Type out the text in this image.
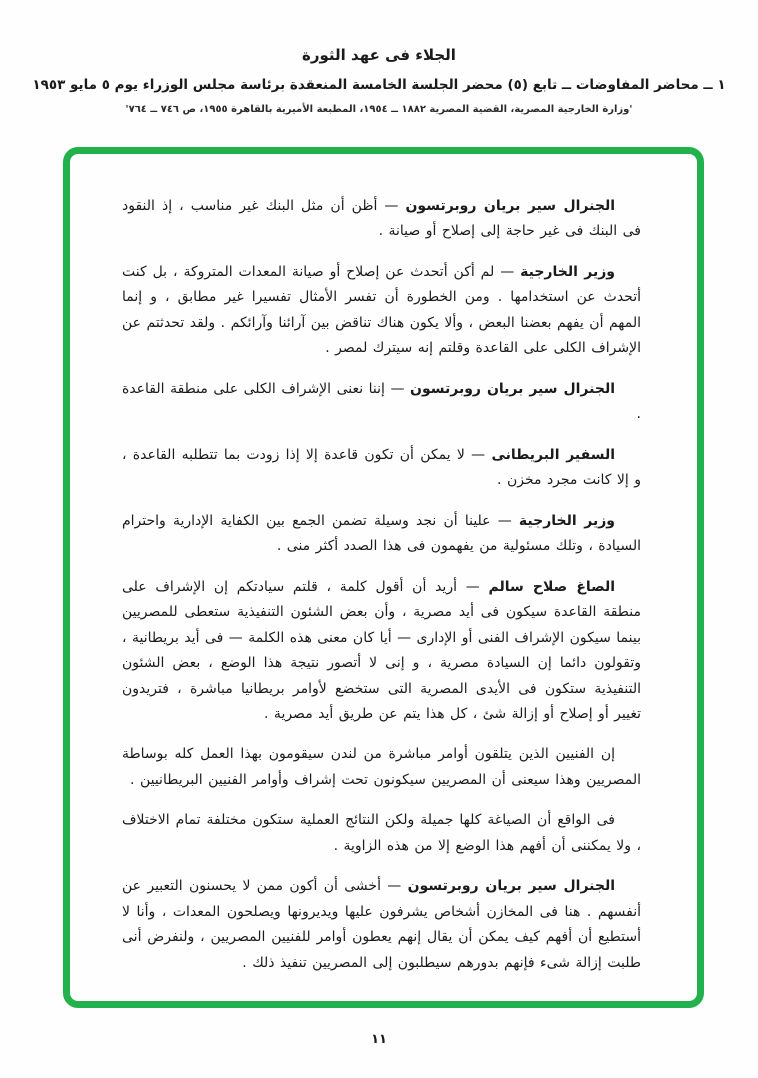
الجلاء فى عهد الثورة
١ ــ محاضر المفاوضات ــ تابع (٥) محضر الجلسة الخامسة المنعقدة برئاسة مجلس الوزراء يوم ٥ مايو ١٩٥٣
'وزارة الخارجية المصرية، القضية المصرية ١٨٨٢ ــ ١٩٥٤، المطبعة الأميرية بالقاهرة ١٩٥٥، ص ٧٤٦ ــ ٧٦٤'

الجنرال سير بريان روبرتسون — أظن أن مثل البنك غير مناسب ، إذ النقود فى البنك فى غير حاجة إلى إصلاح أو صيانة .

وزير الخارجية — لم أكن أتحدث عن إصلاح أو صيانة المعدات المتروكة ، بل كنت أتحدث عن استخدامها . ومن الخطورة أن تفسر الأمثال تفسيرا غير مطابق ، و إنما المهم أن يفهم بعضنا البعض ، وألا يكون هناك تناقض بين آرائنا وآرائكم . ولقد تحدثتم عن الإشراف الكلى على القاعدة وقلتم إنه سيترك لمصر .

الجنرال سير بريان روبرتسون — إننا نعنى الإشراف الكلى على منطقة القاعدة .

السفير البريطانى — لا يمكن أن تكون قاعدة إلا إذا زودت بما تتطلبه القاعدة ، و إلا كانت مجرد مخزن .

وزير الخارجية — علينا أن نجد وسيلة تضمن الجمع بين الكفاية الإدارية واحترام السيادة ، وتلك مسئولية من يفهمون فى هذا الصدد أكثر منى .

الصاغ صلاح سالم — أريد أن أقول كلمة ، قلتم سيادتكم إن الإشراف على منطقة القاعدة سيكون فى أيد مصرية ، وأن بعض الشئون التنفيذية ستعطى للمصريين بينما سيكون الإشراف الفنى أو الإدارى — أيا كان معنى هذه الكلمة — فى أيد بريطانية ، وتقولون دائما إن السيادة مصرية ، و إنى لا أتصور نتيجة هذا الوضع ، بعض الشئون التنفيذية ستكون فى الأيدى المصرية التى ستخضع لأوامر بريطانيا مباشرة ، فتريدون تغيير أو إصلاح أو إزالة شئ ، كل هذا يتم عن طريق أيد مصرية .

إن الفنيين الذين يتلقون أوامر مباشرة من لندن سيقومون بهذا العمل كله بوساطة المصريين وهذا سيعنى أن المصريين سيكونون تحت إشراف وأوامر الفنيين البريطانيين .

فى الواقع أن الصياغة كلها جميلة ولكن النتائج العملية ستكون مختلفة تمام الاختلاف ، ولا يمكننى أن أفهم هذا الوضع إلا من هذه الزاوية .

الجنرال سير بريان روبرتسون — أخشى أن أكون ممن لا يحسنون التعبير عن أنفسهم . هنا فى المخازن أشخاص يشرفون عليها ويديرونها ويصلحون المعدات ، وأنا لا أستطيع أن أفهم كيف يمكن أن يقال إنهم يعطون أوامر للفنيين المصريين ، ولنفرض أنى طلبت إزالة شىء فإنهم بدورهم سيطلبون إلى المصريين تنفيذ ذلك .

١١
